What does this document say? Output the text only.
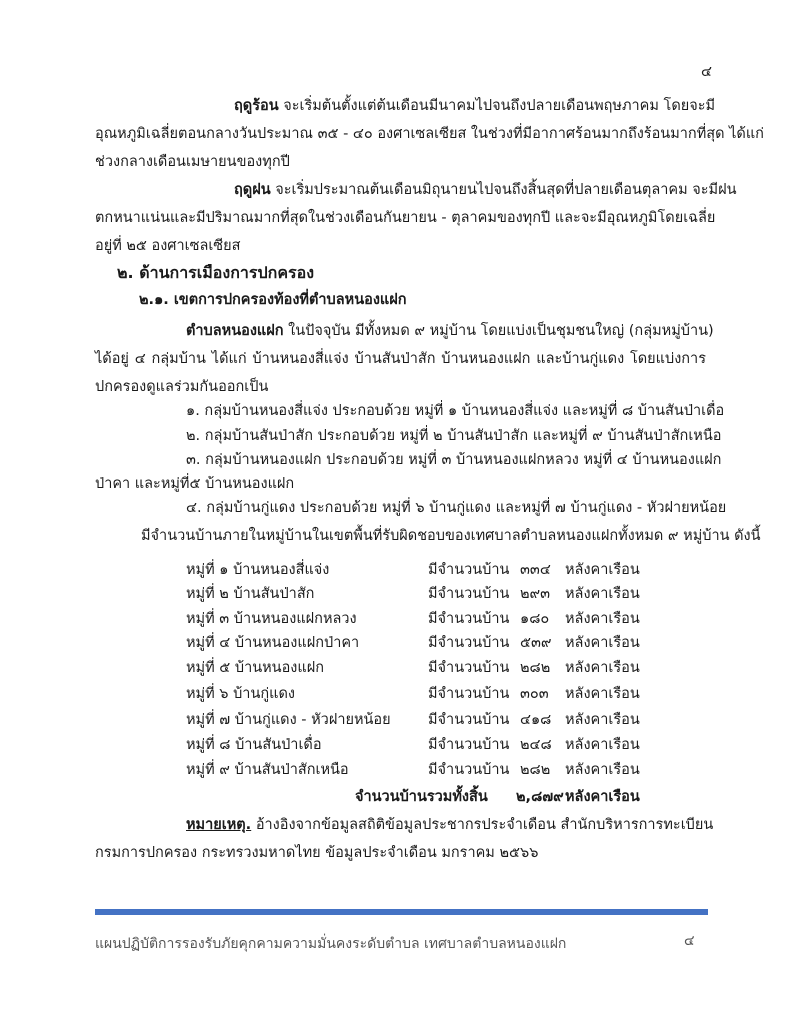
๔
ฤดูร้อน จะเริ่มต้นตั้งแต่ต้นเดือนมีนาคมไปจนถึงปลายเดือนพฤษภาคม โดยจะมี
อุณหภูมิเฉลี่ยตอนกลางวันประมาณ ๓๕ - ๔๐ องศาเซลเซียส ในช่วงที่มีอากาศร้อนมากถึงร้อนมากที่สุด ได้แก่
ช่วงกลางเดือนเมษายนของทุกปี
ฤดูฝน จะเริ่มประมาณต้นเดือนมิถุนายนไปจนถึงสิ้นสุดที่ปลายเดือนตุลาคม จะมีฝน
ตกหนาแน่นและมีปริมาณมากที่สุดในช่วงเดือนกันยายน - ตุลาคมของทุกปี และจะมีอุณหภูมิโดยเฉลี่ย
อยู่ที่ ๒๕ องศาเซลเซียส
๒. ด้านการเมืองการปกครอง
๒.๑. เขตการปกครองท้องที่ตำบลหนองแฝก
ตำบลหนองแฝก ในปัจจุบัน มีทั้งหมด ๙ หมู่บ้าน โดยแบ่งเป็นชุมชนใหญ่ (กลุ่มหมู่บ้าน)
ได้อยู่ ๔ กลุ่มบ้าน ได้แก่ บ้านหนองสี่แจ่ง บ้านสันป่าสัก บ้านหนองแฝก และบ้านกู่แดง โดยแบ่งการ
ปกครองดูแลร่วมกันออกเป็น
๑. กลุ่มบ้านหนองสี่แจ่ง ประกอบด้วย หมู่ที่ ๑ บ้านหนองสี่แจ่ง และหมู่ที่ ๘ บ้านสันป่าเดื่อ
๒. กลุ่มบ้านสันป่าสัก ประกอบด้วย หมู่ที่ ๒ บ้านสันป่าสัก และหมู่ที่ ๙ บ้านสันป่าสักเหนือ
๓. กลุ่มบ้านหนองแฝก ประกอบด้วย หมู่ที่ ๓ บ้านหนองแฝกหลวง หมู่ที่ ๔ บ้านหนองแฝก
ป่าคา และหมู่ที่๕ บ้านหนองแฝก
๔. กลุ่มบ้านกู่แดง ประกอบด้วย หมู่ที่ ๖ บ้านกู่แดง และหมู่ที่ ๗ บ้านกู่แดง - หัวฝายหน้อย
มีจำนวนบ้านภายในหมู่บ้านในเขตพื้นที่รับผิดชอบของเทศบาลตำบลหนองแฝกทั้งหมด ๙ หมู่บ้าน ดังนี้
หมู่ที่ ๑ บ้านหนองสี่แจ่ง	มีจำนวนบ้าน ๓๓๔ หลังคาเรือน
หมู่ที่ ๒ บ้านสันป่าสัก	มีจำนวนบ้าน ๒๙๓	หลังคาเรือน
หมู่ที่ ๓ บ้านหนองแฝกหลวง	มีจำนวนบ้าน ๑๘๐	หลังคาเรือน
หมู่ที่ ๔ บ้านหนองแฝกป่าคา	มีจำนวนบ้าน ๕๓๙ หลังคาเรือน
หมู่ที่ ๕ บ้านหนองแฝก	มีจำนวนบ้าน ๒๘๒	หลังคาเรือน
หมู่ที่ ๖ บ้านกู่แดง	มีจำนวนบ้าน ๓๐๓	หลังคาเรือน
หมู่ที่ ๗ บ้านกู่แดง - หัวฝายหน้อย	มีจำนวนบ้าน ๔๑๘ หลังคาเรือน
หมู่ที่ ๘ บ้านสันป่าเดื่อ	มีจำนวนบ้าน ๒๔๘ หลังคาเรือน
หมู่ที่ ๙ บ้านสันป่าสักเหนือ	มีจำนวนบ้าน ๒๘๒	หลังคาเรือน
จำนวนบ้านรวมทั้งสิ้น ๒,๘๗๙ หลังคาเรือน
หมายเหตุ. อ้างอิงจากข้อมูลสถิติข้อมูลประชากรประจำเดือน สำนักบริหารการทะเบียน
กรมการปกครอง กระทรวงมหาดไทย ข้อมูลประจำเดือน มกราคม ๒๕๖๖
แผนปฏิบัติการรองรับภัยคุกคามความมั่นคงระดับตำบล เทศบาลตำบลหนองแฝก	๔
